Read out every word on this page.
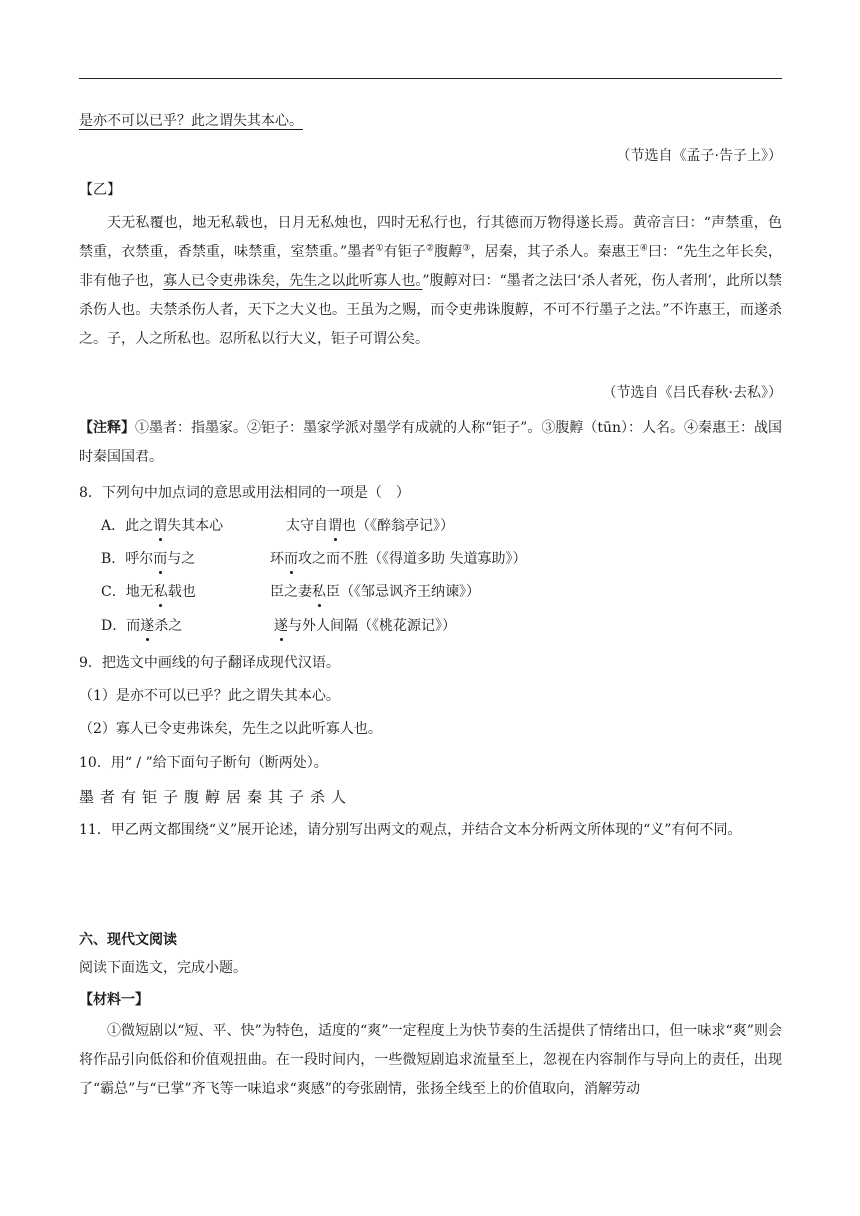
是亦不可以已乎？此之谓失其本心。
（节选自《孟子·告子上》）
【乙】
天无私覆也，地无私载也，日月无私烛也，四时无私行也，行其德而万物得遂长焉。黄帝言曰：“声禁重，色禁重，衣禁重，香禁重，味禁重，室禁重。”墨者①有钜子②腹䵍③，居秦，其子杀人。秦惠王④曰：“先生之年长矣，非有他子也，寡人已令吏弗诛矣，先生之以此听寡人也。”腹䵍对曰：“墨者之法曰‘杀人者死，伤人者刑’，此所以禁杀伤人也。夫禁杀伤人者，天下之大义也。王虽为之赐，而令吏弗诛腹䵍，不可不行墨子之法。”不许惠王，而遂杀之。子，人之所私也。忍所私以行大义，钜子可谓公矣。
（节选自《吕氏春秋·去私》）
【注释】①墨者：指墨家。②钜子：墨家学派对墨学有成就的人称“钜子”。③腹䵍（tūn）：人名。④秦惠王：战国时秦国国君。
8．下列句中加点词的意思或用法相同的一项是（　）
A．此之谓失其本心	太守自谓也（《醉翁亭记》）
B．呼尔而与之	环而攻之而不胜（《得道多助 失道寡助》）
C．地无私载也	臣之妻私臣（《邹忌讽齐王纳谏》）
D．而遂杀之	遂与外人间隔（《桃花源记》）
9．把选文中画线的句子翻译成现代汉语。
（1）是亦不可以已乎？此之谓失其本心。
（2）寡人已令吏弗诛矣，先生之以此听寡人也。
10．用“ / ”给下面句子断句（断两处）。
墨者有钜子腹䵍居秦其子杀人
11．甲乙两文都围绕“义”展开论述，请分别写出两文的观点，并结合文本分析两文所体现的“义”有何不同。
六、现代文阅读
阅读下面选文，完成小题。
【材料一】
①微短剧以“短、平、快”为特色，适度的“爽”一定程度上为快节奏的生活提供了情绪出口，但一味求“爽”则会将作品引向低俗和价值观扭曲。在一段时间内，一些微短剧追求流量至上，忽视在内容制作与导向上的责任，出现了“霸总”与“已掌”齐飞等一味追求“爽感”的夸张剧情，张扬全线至上的价值取向，消解劳动
